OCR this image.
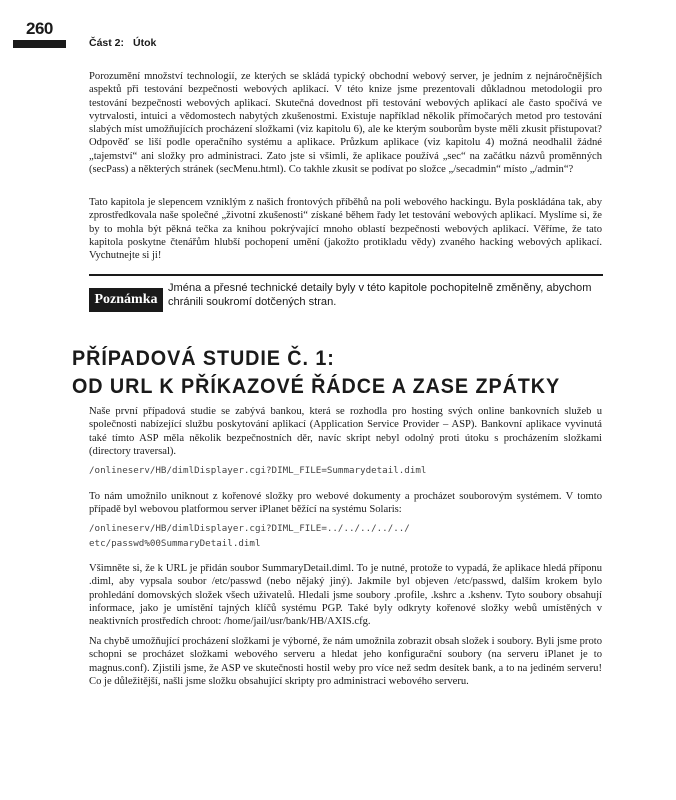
260
Část 2: Útok

Porozumění množství technologií, ze kterých se skládá typický obchodní webový server, je jedním z nejnáročnějších aspektů při testování bezpečnosti webových aplikací. V této knize jsme prezentovali důkladnou metodologii pro testování bezpečnosti webových aplikací. Skutečná dovednost při testování webových aplikací ale často spočívá ve vytrvalosti, intuici a vědomostech nabytých zkušenostmi. Existuje například několik přímočarých metod pro testování slabých míst umožňujících procházení složkami (viz kapitolu 6), ale ke kterým souborům byste měli zkusit přistupovat? Odpověď se liší podle operačního systému a aplikace. Průzkum aplikace (viz kapitolu 4) možná neodhalil žádné „tajemství“ ani složky pro administraci. Zato jste si všimli, že aplikace používá „sec“ na začátku názvů proměnných (secPass) a některých stránek (secMenu.html). Co takhle zkusit se podívat po složce „/secadmin“ místo „/admin“?

Tato kapitola je slepencem vzniklým z našich frontových příběhů na poli webového hackingu. Byla poskládána tak, aby zprostředkovala naše společné „životní zkušenosti“ získané během řady let testování webových aplikací. Myslíme si, že by to mohla být pěkná tečka za knihou pokrývající mnoho oblastí bezpečnosti webových aplikací. Věříme, že tato kapitola poskytne čtenářům hlubší pochopení umění (jakožto protikladu vědy) zvaného hacking webových aplikací. Vychutnejte si ji!

Poznámka

Jména a přesné technické detaily byly v této kapitole pochopitelně změněny, abychom chránili soukromí dotčených stran.

PŘÍPADOVÁ STUDIE Č. 1:
OD URL K PŘÍKAZOVÉ ŘÁDCE A ZASE ZPÁTKY

Naše první případová studie se zabývá bankou, která se rozhodla pro hosting svých online bankovních služeb u společnosti nabízející službu poskytování aplikací (Application Service Provider – ASP). Bankovní aplikace vyvinutá také tímto ASP měla několik bezpečnostních děr, navíc skript nebyl odolný proti útoku s procházením složkami (directory traversal).

/onlineserv/HB/dimlDisplayer.cgi?DIML_FILE=Summarydetail.diml

To nám umožnilo uniknout z kořenové složky pro webové dokumenty a procházet souborovým systémem. V tomto případě byl webovou platformou server iPlanet běžící na systému Solaris:

/onlineserv/HB/dimlDisplayer.cgi?DIML_FILE=../../../../../
etc/passwd%00SummaryDetail.diml

Všimněte si, že k URL je přidán soubor SummaryDetail.diml. To je nutné, protože to vypadá, že aplikace hledá příponu .diml, aby vypsala soubor /etc/passwd (nebo nějaký jiný). Jakmile byl objeven /etc/passwd, dalším krokem bylo prohledání domovských složek všech uživatelů. Hledali jsme soubory .profile, .kshrc a .kshenv. Tyto soubory obsahují informace, jako je umístění tajných klíčů systému PGP. Také byly odkryty kořenové složky webů umístěných v neaktivních prostředích chroot: /home/jail/usr/bank/HB/AXIS.cfg.

Na chybě umožňující procházení složkami je výborné, že nám umožnila zobrazit obsah složek i soubory. Byli jsme proto schopni se procházet složkami webového serveru a hledat jeho konfigurační soubory (na serveru iPlanet je to magnus.conf). Zjistili jsme, že ASP ve skutečnosti hostil weby pro více než sedm desítek bank, a to na jediném serveru! Co je důležitější, našli jsme složku obsahující skripty pro administraci webového serveru.
